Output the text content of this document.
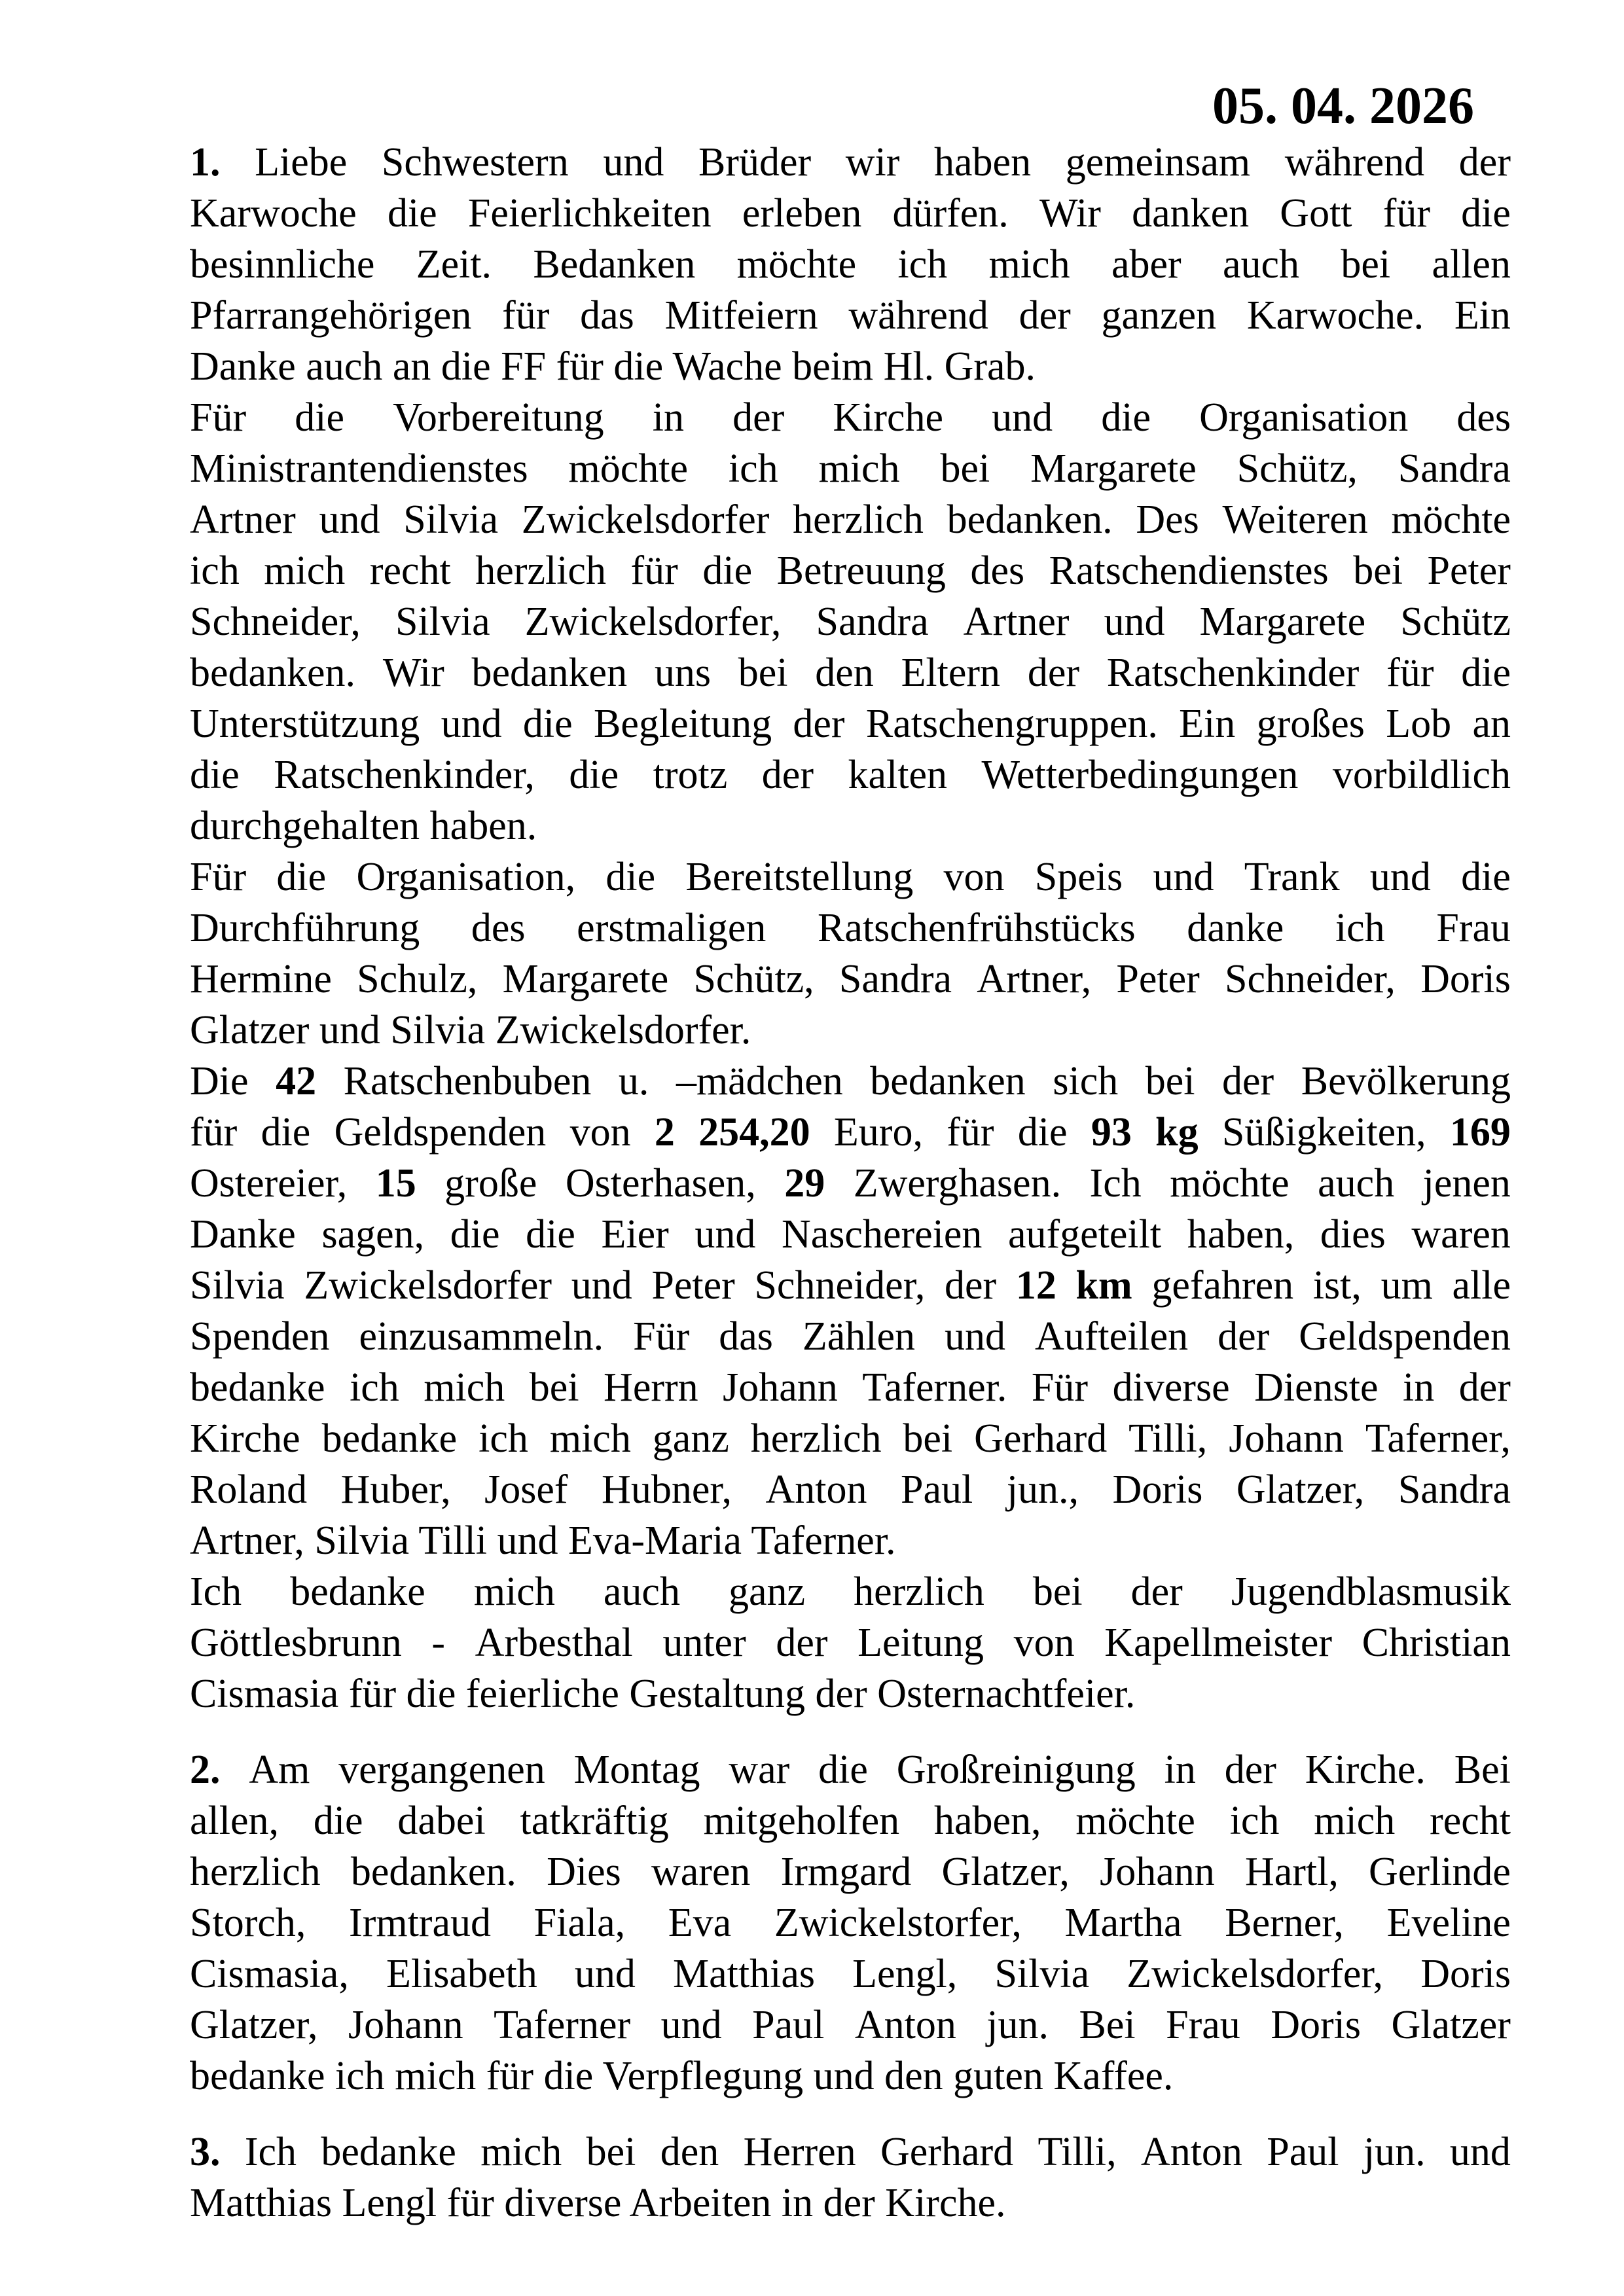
05. 04. 2026
1. Liebe Schwestern und Brüder wir haben gemeinsam während der
Karwoche die Feierlichkeiten erleben dürfen. Wir danken Gott für die
besinnliche Zeit. Bedanken möchte ich mich aber auch bei allen
Pfarrangehörigen für das Mitfeiern während der ganzen Karwoche. Ein
Danke auch an die FF für die Wache beim Hl. Grab.
Für die Vorbereitung in der Kirche und die Organisation des
Ministrantendienstes möchte ich mich bei Margarete Schütz, Sandra
Artner und Silvia Zwickelsdorfer herzlich bedanken. Des Weiteren möchte
ich mich recht herzlich für die Betreuung des Ratschendienstes bei Peter
Schneider, Silvia Zwickelsdorfer, Sandra Artner und Margarete Schütz
bedanken. Wir bedanken uns bei den Eltern der Ratschenkinder für die
Unterstützung und die Begleitung der Ratschengruppen. Ein großes Lob an
die Ratschenkinder, die trotz der kalten Wetterbedingungen vorbildlich
durchgehalten haben.
Für die Organisation, die Bereitstellung von Speis und Trank und die
Durchführung des erstmaligen Ratschenfrühstücks danke ich Frau
Hermine Schulz, Margarete Schütz, Sandra Artner, Peter Schneider, Doris
Glatzer und Silvia Zwickelsdorfer.
Die 42 Ratschenbuben u. –mädchen bedanken sich bei der Bevölkerung
für die Geldspenden von 2 254,20 Euro, für die 93 kg Süßigkeiten, 169
Ostereier, 15 große Osterhasen, 29 Zwerghasen. Ich möchte auch jenen
Danke sagen, die die Eier und Naschereien aufgeteilt haben, dies waren
Silvia Zwickelsdorfer und Peter Schneider, der 12 km gefahren ist, um alle
Spenden einzusammeln. Für das Zählen und Aufteilen der Geldspenden
bedanke ich mich bei Herrn Johann Taferner. Für diverse Dienste in der
Kirche bedanke ich mich ganz herzlich bei Gerhard Tilli, Johann Taferner,
Roland Huber, Josef Hubner, Anton Paul jun., Doris Glatzer, Sandra
Artner, Silvia Tilli und Eva-Maria Taferner.
Ich bedanke mich auch ganz herzlich bei der Jugendblasmusik
Göttlesbrunn - Arbesthal unter der Leitung von Kapellmeister Christian
Cismasia für die feierliche Gestaltung der Osternachtfeier.
2. Am vergangenen Montag war die Großreinigung in der Kirche. Bei
allen, die dabei tatkräftig mitgeholfen haben, möchte ich mich recht
herzlich bedanken. Dies waren Irmgard Glatzer, Johann Hartl, Gerlinde
Storch, Irmtraud Fiala, Eva Zwickelstorfer, Martha Berner, Eveline
Cismasia, Elisabeth und Matthias Lengl, Silvia Zwickelsdorfer, Doris
Glatzer, Johann Taferner und Paul Anton jun. Bei Frau Doris Glatzer
bedanke ich mich für die Verpflegung und den guten Kaffee.
3. Ich bedanke mich bei den Herren Gerhard Tilli, Anton Paul jun. und
Matthias Lengl für diverse Arbeiten in der Kirche.
